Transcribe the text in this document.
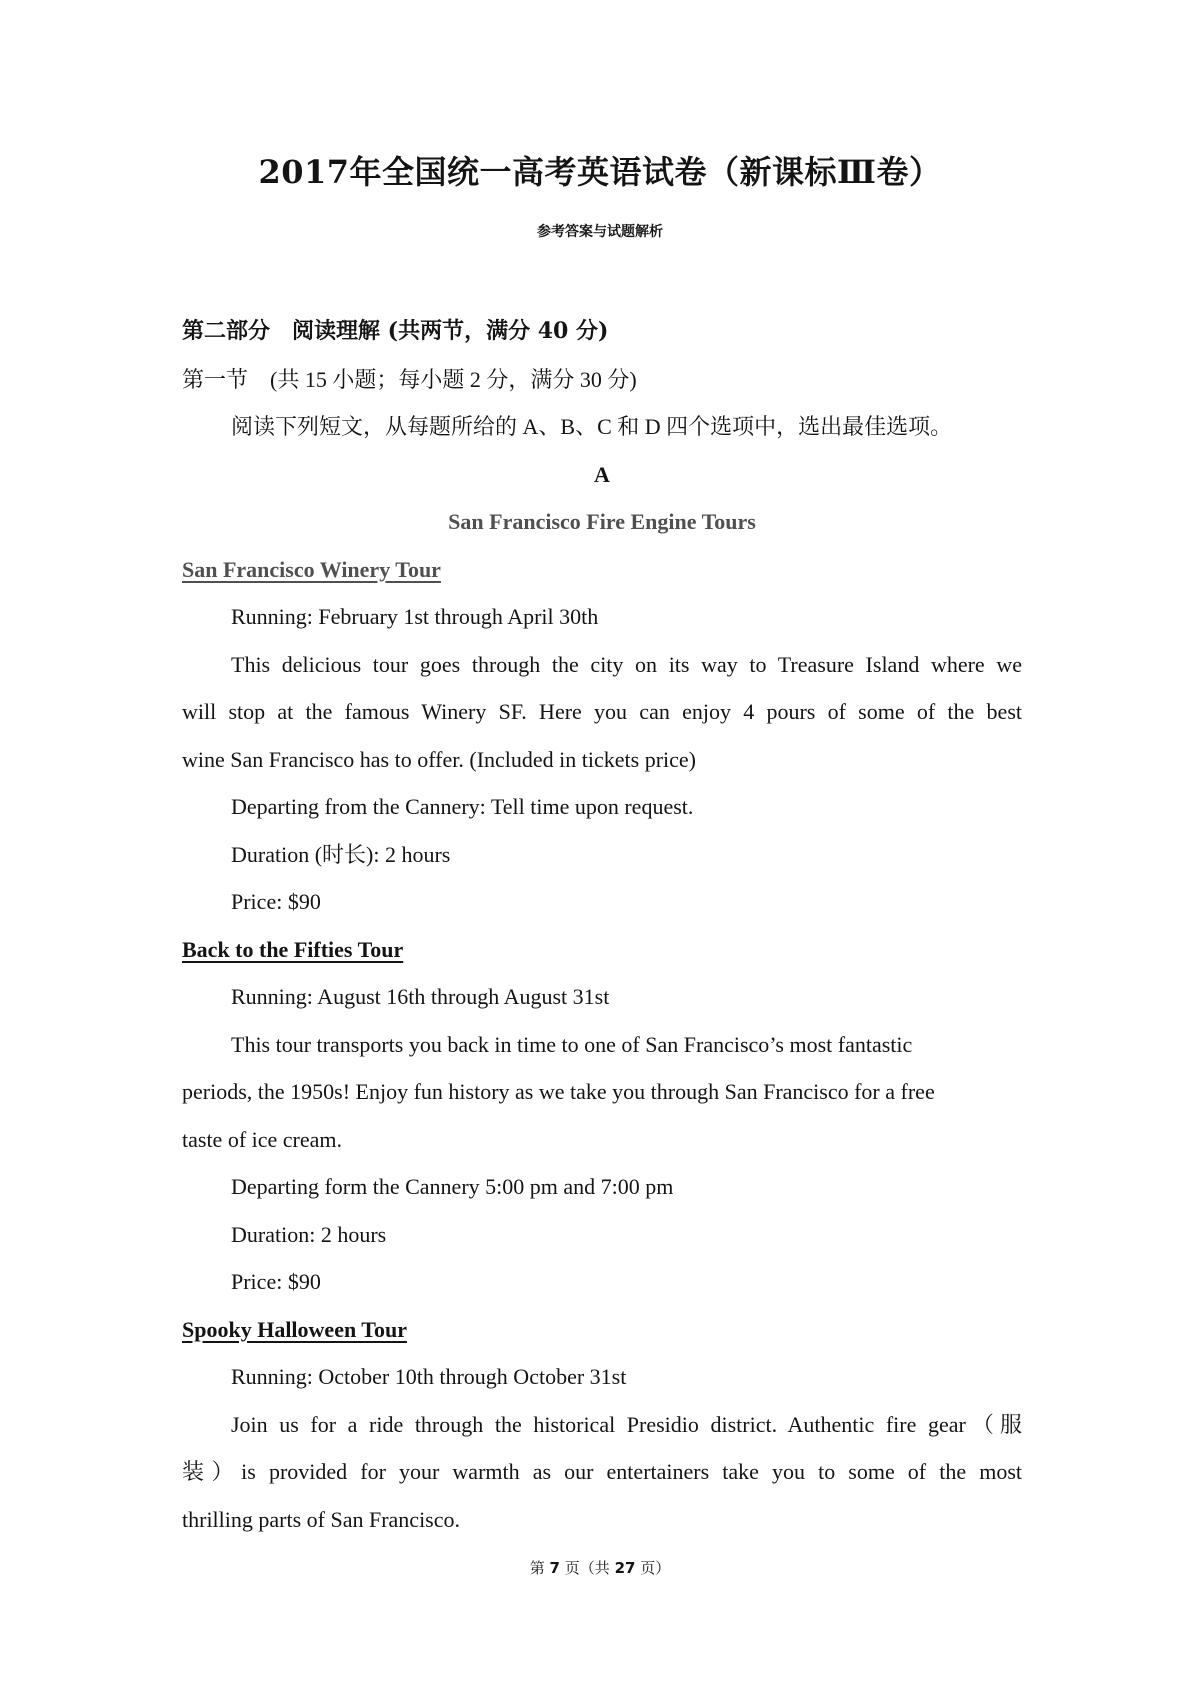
2017年全国统一高考英语试卷（新课标Ⅲ卷）
参考答案与试题解析
第二部分　阅读理解 (共两节，满分 40 分)
第一节　(共 15 小题；每小题 2 分，满分 30 分)
阅读下列短文，从每题所给的 A、B、C 和 D 四个选项中，选出最佳选项。
A
San Francisco Fire Engine Tours
San Francisco Winery Tour
Running: February 1st through April 30th
This delicious tour goes through the city on its way to Treasure Island where we
will stop at the famous Winery SF. Here you can enjoy 4 pours of some of the best
wine San Francisco has to offer. (Included in tickets price)
Departing from the Cannery: Tell time upon request.
Duration (时长): 2 hours
Price: $90
Back to the Fifties Tour
Running: August 16th through August 31st
This tour transports you back in time to one of San Francisco’s most fantastic
periods, the 1950s! Enjoy fun history as we take you through San Francisco for a free
taste of ice cream.
Departing form the Cannery 5:00 pm and 7:00 pm
Duration: 2 hours
Price: $90
Spooky Halloween Tour
Running: October 10th through October 31st
Join us for a ride through the historical Presidio district. Authentic fire gear（服
装）is provided for your warmth as our entertainers take you to some of the most
thrilling parts of San Francisco.
第 7 页（共 27 页）
